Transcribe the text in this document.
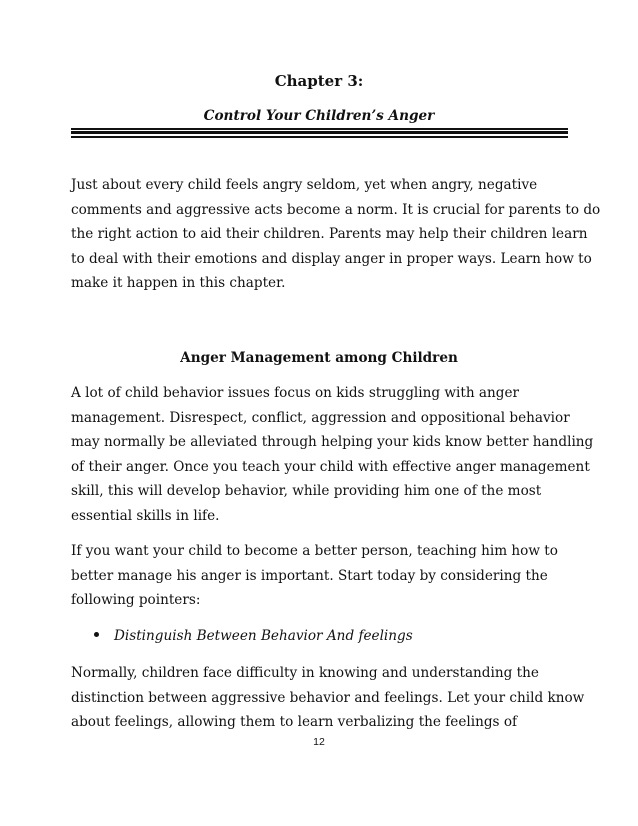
Chapter 3:
Control Your Children’s Anger

Just about every child feels angry seldom, yet when angry, negative
comments and aggressive acts become a norm. It is crucial for parents to do
the right action to aid their children. Parents may help their children learn
to deal with their emotions and display anger in proper ways. Learn how to
make it happen in this chapter.

Anger Management among Children

A lot of child behavior issues focus on kids struggling with anger
management. Disrespect, conflict, aggression and oppositional behavior
may normally be alleviated through helping your kids know better handling
of their anger. Once you teach your child with effective anger management
skill, this will develop behavior, while providing him one of the most
essential skills in life.

If you want your child to become a better person, teaching him how to
better manage his anger is important. Start today by considering the
following pointers:

Distinguish Between Behavior And feelings

Normally, children face difficulty in knowing and understanding the
distinction between aggressive behavior and feelings. Let your child know
about feelings, allowing them to learn verbalizing the feelings of

12
